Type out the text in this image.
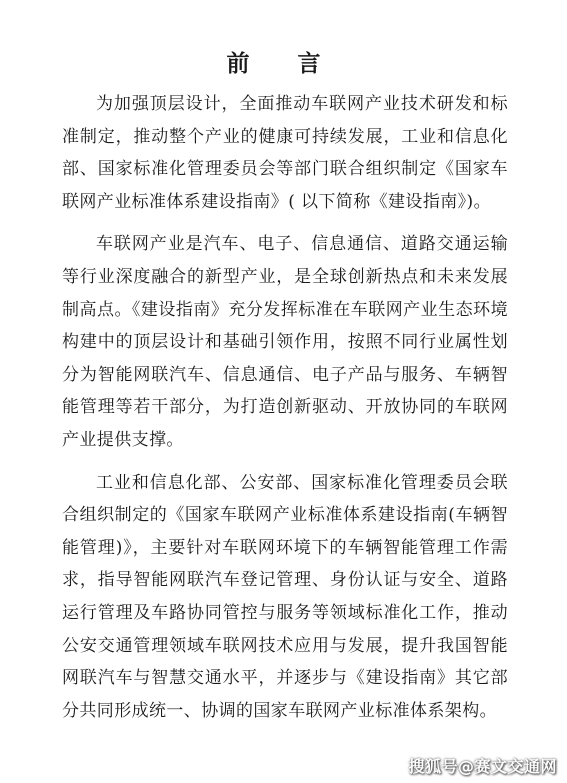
前 言

为加强顶层设计，全面推动车联网产业技术研发和标准制定，推动整个产业的健康可持续发展，工业和信息化部、国家标准化管理委员会等部门联合组织制定《国家车联网产业标准体系建设指南》( 以下简称《建设指南》)。

车联网产业是汽车、电子、信息通信、道路交通运输等行业深度融合的新型产业，是全球创新热点和未来发展制高点。《建设指南》充分发挥标准在车联网产业生态环境构建中的顶层设计和基础引领作用，按照不同行业属性划分为智能网联汽车、信息通信、电子产品与服务、车辆智能管理等若干部分，为打造创新驱动、开放协同的车联网产业提供支撑。

工业和信息化部、公安部、国家标准化管理委员会联合组织制定的《国家车联网产业标准体系建设指南(车辆智能管理)》，主要针对车联网环境下的车辆智能管理工作需求，指导智能网联汽车登记管理、身份认证与安全、道路运行管理及车路协同管控与服务等领域标准化工作，推动公安交通管理领域车联网技术应用与发展，提升我国智能网联汽车与智慧交通水平，并逐步与《建设指南》其它部分共同形成统一、协调的国家车联网产业标准体系架构。

搜狐号@赛文交通网
